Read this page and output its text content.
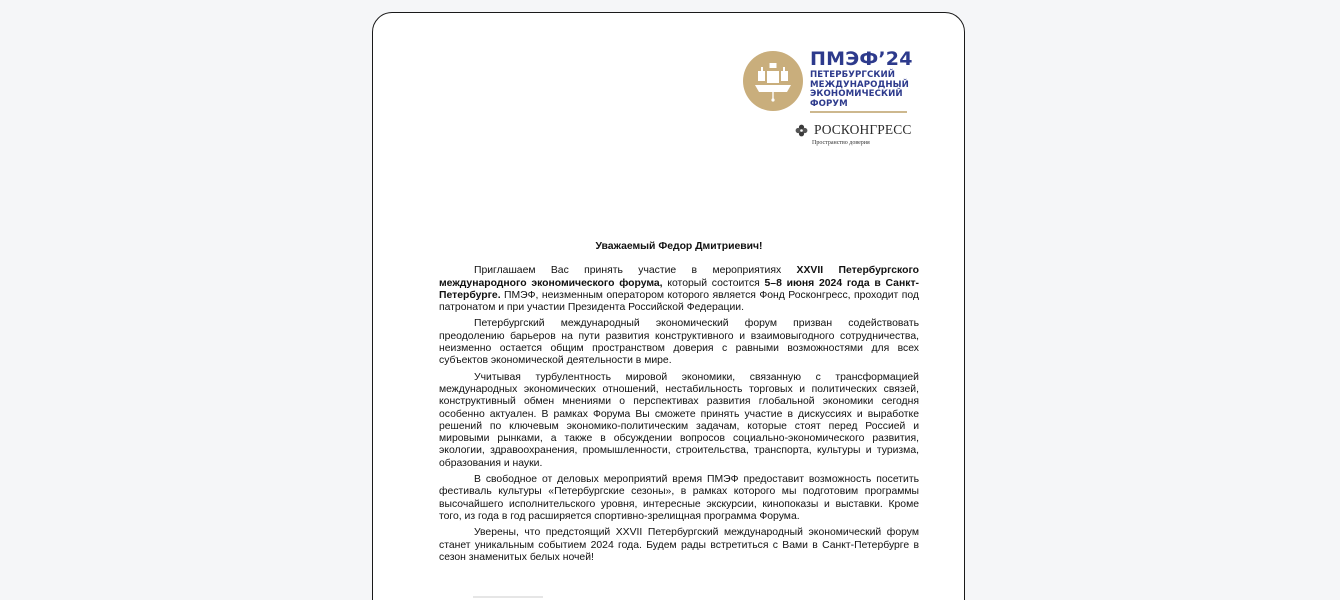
ПМЭФ’24
ПЕТЕРБУРГСКИЙ
МЕЖДУНАРОДНЫЙ
ЭКОНОМИЧЕСКИЙ
ФОРУМ
РОСКОНГРЕСС
Пространство доверия

Уважаемый Федор Дмитриевич!

Приглашаем Вас принять участие в мероприятиях XXVII Петербургского международного экономического форума, который состоится 5–8 июня 2024 года в Санкт-Петербурге. ПМЭФ, неизменным оператором которого является Фонд Росконгресс, проходит под патронатом и при участии Президента Российской Федерации.

Петербургский международный экономический форум призван содействовать преодолению барьеров на пути развития конструктивного и взаимовыгодного сотрудничества, неизменно остается общим пространством доверия с равными возможностями для всех субъектов экономической деятельности в мире.

Учитывая турбулентность мировой экономики, связанную с трансформацией международных экономических отношений, нестабильность торговых и политических связей, конструктивный обмен мнениями о перспективах развития глобальной экономики сегодня особенно актуален. В рамках Форума Вы сможете принять участие в дискуссиях и выработке решений по ключевым экономико-политическим задачам, которые стоят перед Россией и мировыми рынками, а также в обсуждении вопросов социально-экономического развития, экологии, здравоохранения, промышленности, строительства, транспорта, культуры и туризма, образования и науки.

В свободное от деловых мероприятий время ПМЭФ предоставит возможность посетить фестиваль культуры «Петербургские сезоны», в рамках которого мы подготовим программы высочайшего исполнительского уровня, интересные экскурсии, кинопоказы и выставки. Кроме того, из года в год расширяется спортивно-зрелищная программа Форума.

Уверены, что предстоящий XXVII Петербургский международный экономический форум станет уникальным событием 2024 года. Будем рады встретиться с Вами в Санкт-Петербурге в сезон знаменитых белых ночей!
